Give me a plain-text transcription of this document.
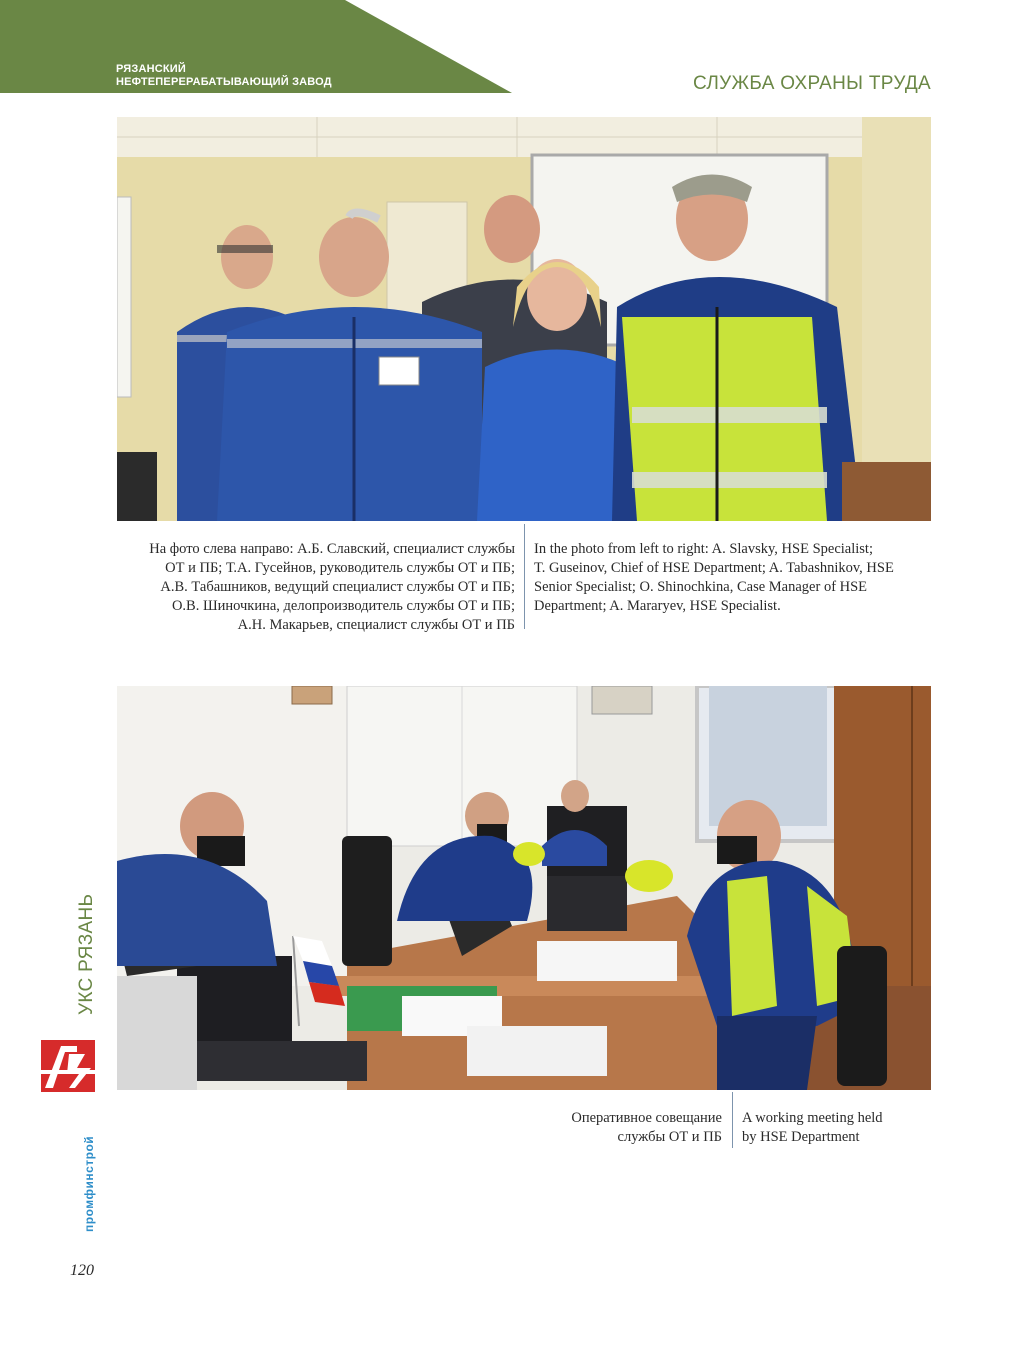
РЯЗАНСКИЙ
НЕФТЕПЕРЕРАБАТЫВАЮЩИЙ ЗАВОД	СЛУЖБА ОХРАНЫ ТРУДА
На фото слева направо: А.Б. Славский, специалист службы
ОТ и ПБ; Т.А. Гусейнов, руководитель службы ОТ и ПБ;
А.В. Табашников, ведущий специалист службы ОТ и ПБ;
О.В. Шиночкина, делопроизводитель службы ОТ и ПБ;
А.Н. Макарьев, специалист службы ОТ и ПБ
In the photo from left to right: A. Slavsky, HSE Specialist;
T. Guseinov, Chief of HSE Department; A. Tabashnikov, HSE
Senior Specialist; O. Shinochkina, Case Manager of HSE
Department; A. Mararyev, HSE Specialist.
Оперативное совещание
службы ОТ и ПБ
A working meeting held
by HSE Department
УКС РЯЗАНЬ
промфинстрой
120
